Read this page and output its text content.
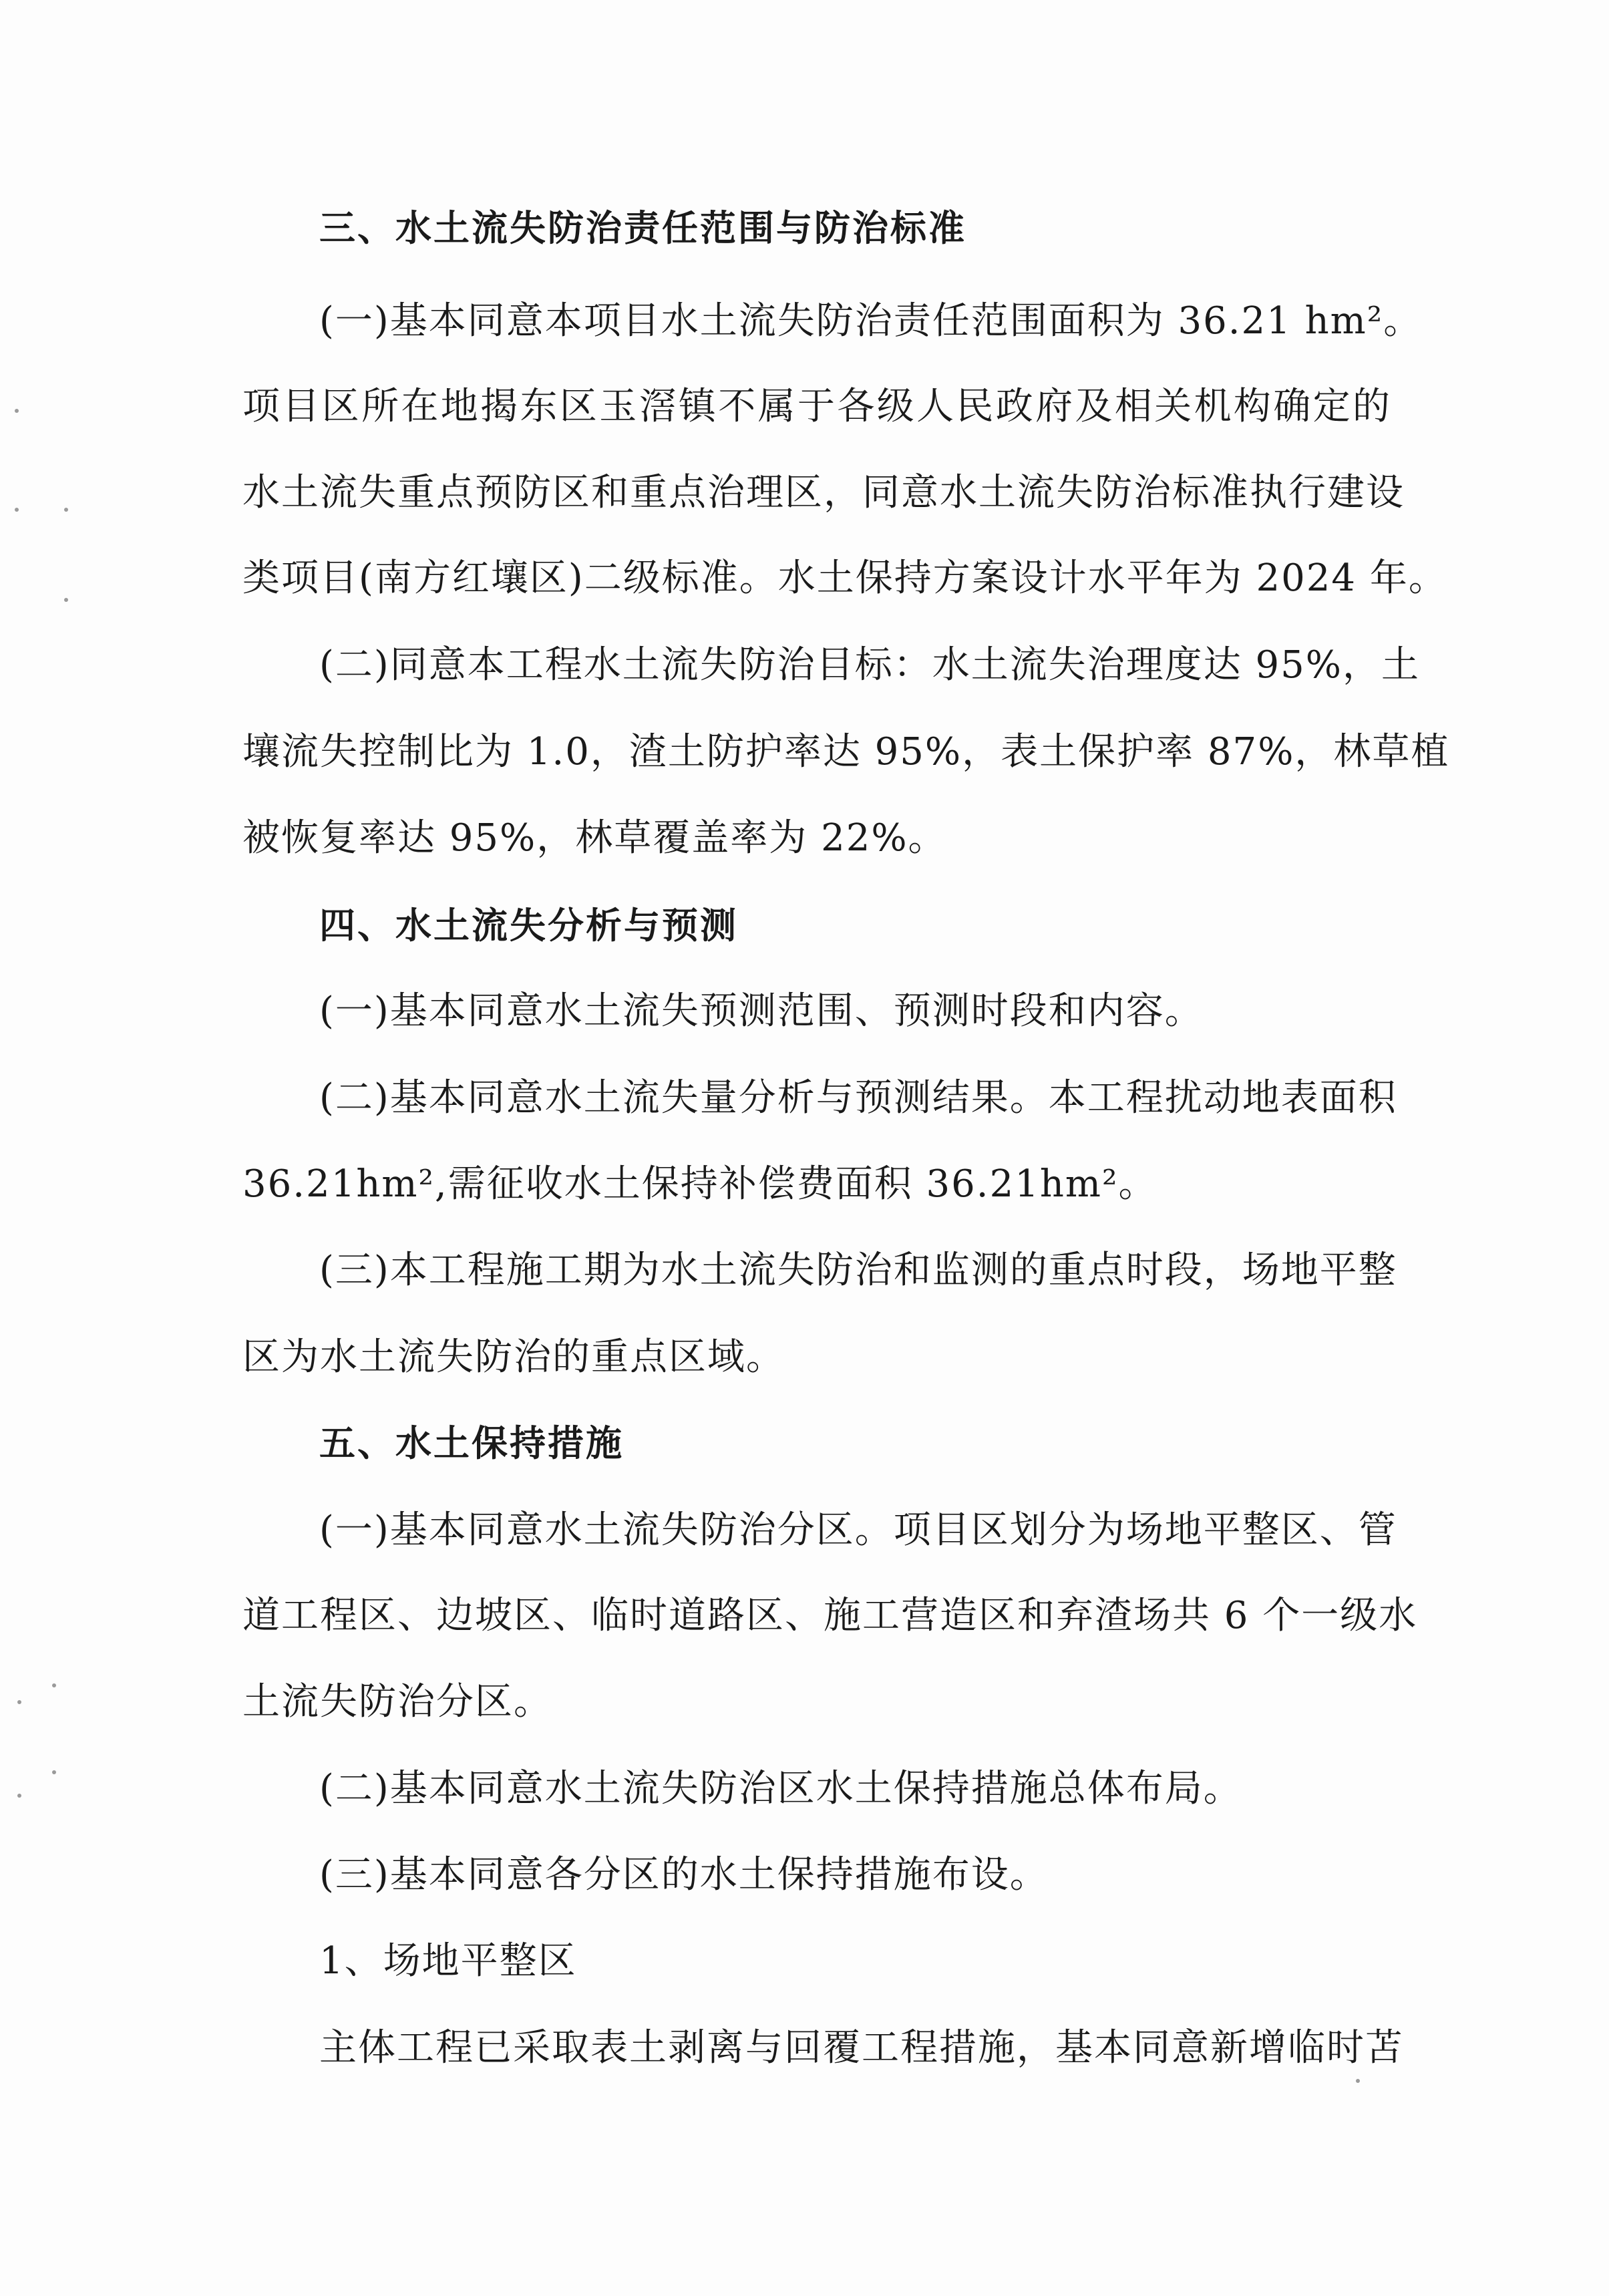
三、水土流失防治责任范围与防治标准
(一)基本同意本项目水土流失防治责任范围面积为 36.21 hm²。
项目区所在地揭东区玉滘镇不属于各级人民政府及相关机构确定的
水土流失重点预防区和重点治理区，同意水土流失防治标准执行建设
类项目(南方红壤区)二级标准。水土保持方案设计水平年为 2024 年。
(二)同意本工程水土流失防治目标：水土流失治理度达 95%，土
壤流失控制比为 1.0，渣土防护率达 95%，表土保护率 87%，林草植
被恢复率达 95%，林草覆盖率为 22%。
四、水土流失分析与预测
(一)基本同意水土流失预测范围、预测时段和内容。
(二)基本同意水土流失量分析与预测结果。本工程扰动地表面积
36.21hm²,需征收水土保持补偿费面积 36.21hm²。
(三)本工程施工期为水土流失防治和监测的重点时段，场地平整
区为水土流失防治的重点区域。
五、水土保持措施
(一)基本同意水土流失防治分区。项目区划分为场地平整区、管
道工程区、边坡区、临时道路区、施工营造区和弃渣场共 6 个一级水
土流失防治分区。
(二)基本同意水土流失防治区水土保持措施总体布局。
(三)基本同意各分区的水土保持措施布设。
1、场地平整区
主体工程已采取表土剥离与回覆工程措施，基本同意新增临时苫
